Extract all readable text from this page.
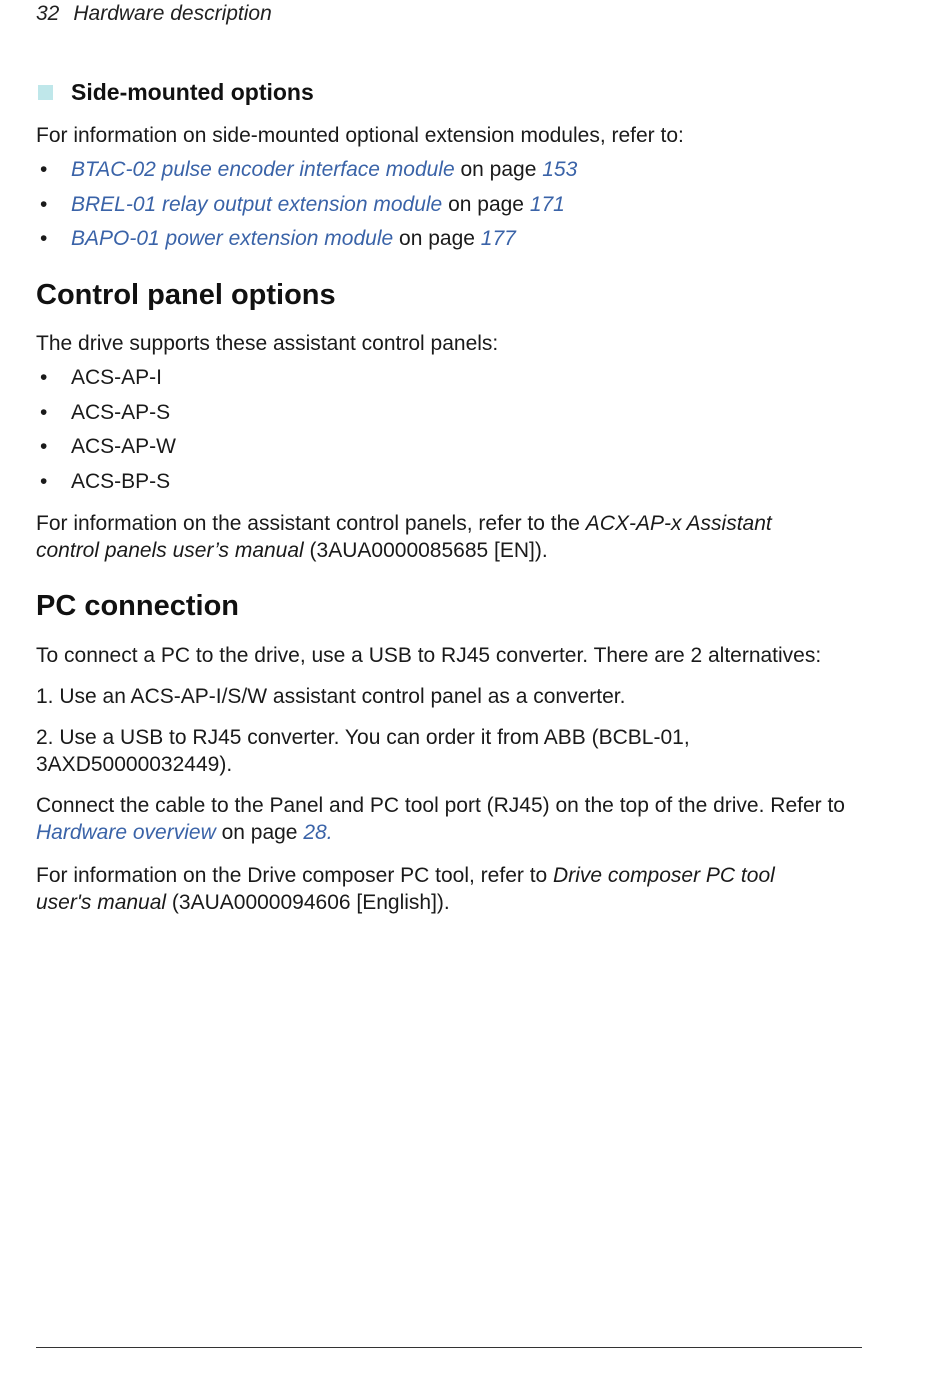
32 Hardware description
Side-mounted options
For information on side-mounted optional extension modules, refer to:
• BTAC-02 pulse encoder interface module on page 153
• BREL-01 relay output extension module on page 171
• BAPO-01 power extension module on page 177
Control panel options
The drive supports these assistant control panels:
• ACS-AP-I
• ACS-AP-S
• ACS-AP-W
• ACS-BP-S
For information on the assistant control panels, refer to the ACX-AP-x Assistant control panels user’s manual (3AUA0000085685 [EN]).
PC connection
To connect a PC to the drive, use a USB to RJ45 converter. There are 2 alternatives:
1. Use an ACS-AP-I/S/W assistant control panel as a converter.
2. Use a USB to RJ45 converter. You can order it from ABB (BCBL-01, 3AXD50000032449).
Connect the cable to the Panel and PC tool port (RJ45) on the top of the drive. Refer to Hardware overview on page 28.
For information on the Drive composer PC tool, refer to Drive composer PC tool user's manual (3AUA0000094606 [English]).
